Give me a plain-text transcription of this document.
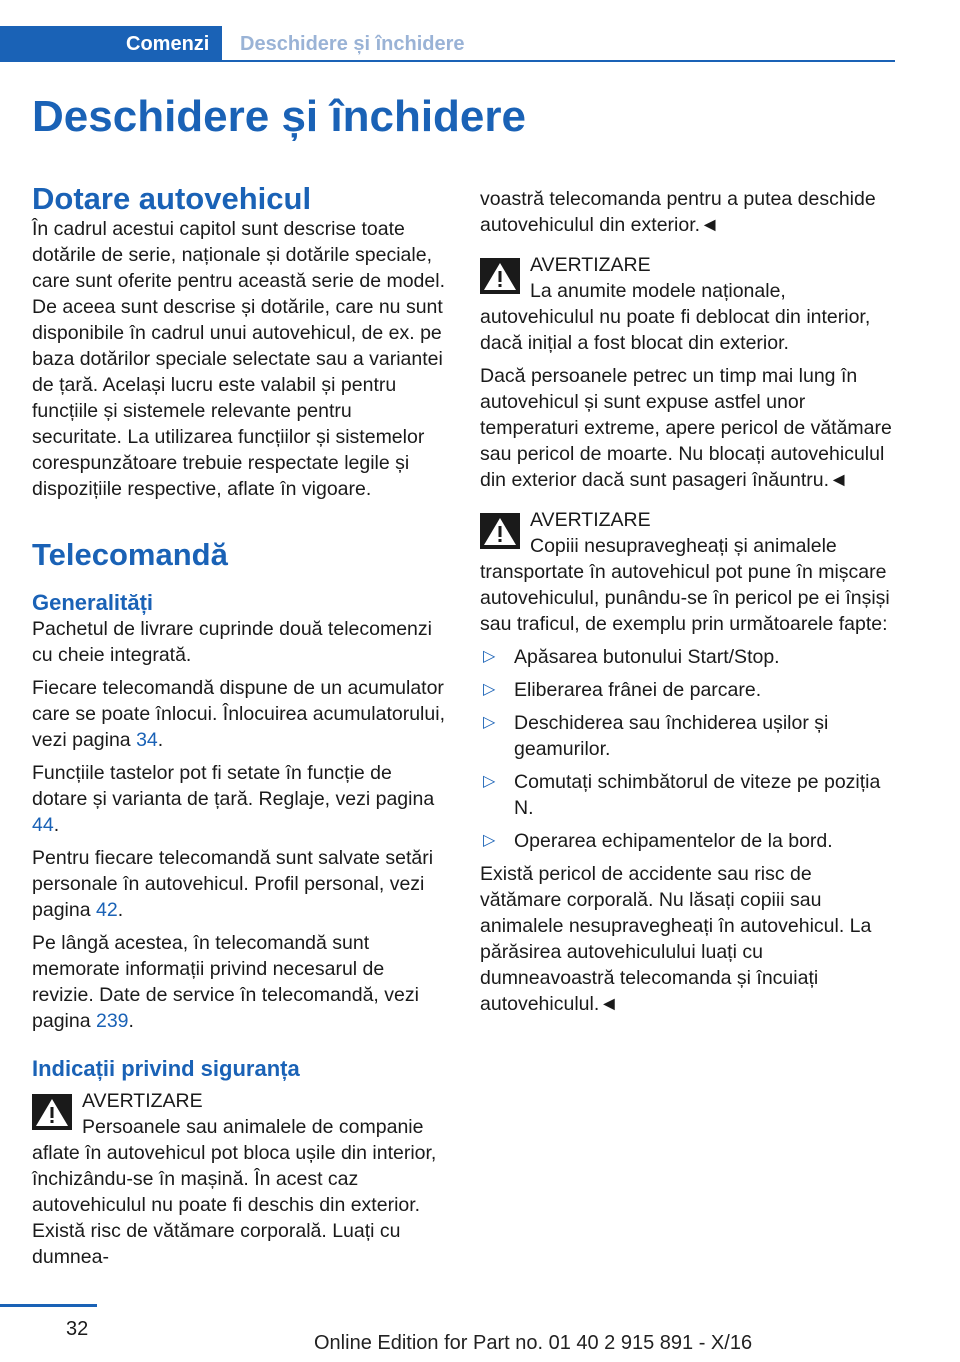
Comenzi Deschidere și închidere
Deschidere și închidere
Dotare autovehicul

În cadrul acestui capitol sunt descrise toate dotările de serie, naționale și dotările speciale, care sunt oferite pentru această serie de model. De aceea sunt descrise și dotările, care nu sunt disponibile în cadrul unui autovehicul, de ex. pe baza dotărilor speciale selectate sau a variantei de țară. Același lucru este valabil și pentru funcțiile și sistemele relevante pentru securitate. La utilizarea funcțiilor și sistemelor corespunzătoare trebuie respectate legile și dispozițiile respective, aflate în vigoare.

Telecomandă
Generalități

Pachetul de livrare cuprinde două telecomenzi cu cheie integrată.

Fiecare telecomandă dispune de un acumulator care se poate înlocui. Înlocuirea acumulatorului, vezi pagina 34.

Funcțiile tastelor pot fi setate în funcție de dotare și varianta de țară. Reglaje, vezi pagina 44.

Pentru fiecare telecomandă sunt salvate setări personale în autovehicul. Profil personal, vezi pagina 42.

Pe lângă acestea, în telecomandă sunt memorate informații privind necesarul de revizie. Date de service în telecomandă, vezi pagina 239.

Indicații privind siguranța
AVERTIZARE

Persoanele sau animalele de companie aflate în autovehicul pot bloca ușile din interior, închizându-se în mașină. În acest caz autovehiculul nu poate fi deschis din exterior. Există risc de vătămare corporală. Luați cu dumnea-

voastră telecomanda pentru a putea deschide autovehiculul din exterior.◄

AVERTIZARE

La anumite modele naționale, autovehiculul nu poate fi deblocat din interior, dacă inițial a fost blocat din exterior.

Dacă persoanele petrec un timp mai lung în autovehicul și sunt expuse astfel unor temperaturi extreme, apere pericol de vătămare sau pericol de moarte. Nu blocați autovehiculul din exterior dacă sunt pasageri înăuntru.◄

AVERTIZARE

Copiii nesupravegheați și animalele transportate în autovehicul pot pune în mișcare autovehiculul, punându-se în pericol pe ei înșiși sau traficul, de exemplu prin următoarele fapte:

▷ Apăsarea butonului Start/Stop.
▷ Eliberarea frânei de parcare.
▷ Deschiderea sau închiderea ușilor și geamurilor.
▷ Comutați schimbătorul de viteze pe poziția N.
▷ Operarea echipamentelor de la bord.

Există pericol de accidente sau risc de vătămare corporală. Nu lăsați copiii sau animalele nesupravegheați în autovehicul. La părăsirea autovehiculului luați cu dumneavoastră telecomanda și încuiați autovehiculul.◄

32
Online Edition for Part no. 01 40 2 915 891 - X/16
